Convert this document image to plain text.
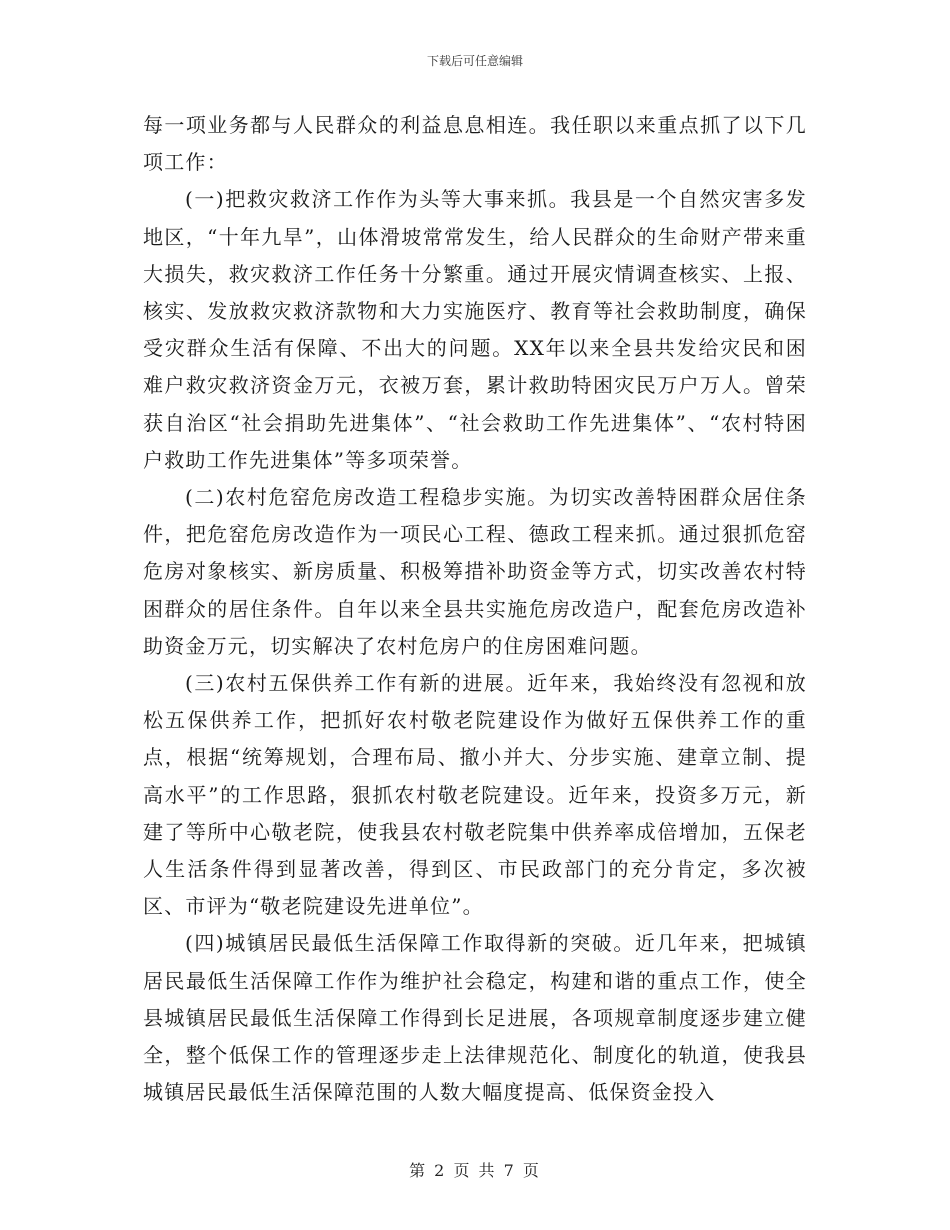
下载后可任意编辑

每一项业务都与人民群众的利益息息相连。我任职以来重点抓了以下几项工作：

(一)把救灾救济工作作为头等大事来抓。我县是一个自然灾害多发地区，“十年九旱”，山体滑坡常常发生，给人民群众的生命财产带来重大损失，救灾救济工作任务十分繁重。通过开展灾情调查核实、上报、核实、发放救灾救济款物和大力实施医疗、教育等社会救助制度，确保受灾群众生活有保障、不出大的问题。XX年以来全县共发给灾民和困难户救灾救济资金万元，衣被万套，累计救助特困灾民万户万人。曾荣获自治区“社会捐助先进集体”、“社会救助工作先进集体”、“农村特困户救助工作先进集体”等多项荣誉。

(二)农村危窑危房改造工程稳步实施。为切实改善特困群众居住条件，把危窑危房改造作为一项民心工程、德政工程来抓。通过狠抓危窑危房对象核实、新房质量、积极筹措补助资金等方式，切实改善农村特困群众的居住条件。自年以来全县共实施危房改造户，配套危房改造补助资金万元，切实解决了农村危房户的住房困难问题。

(三)农村五保供养工作有新的进展。近年来，我始终没有忽视和放松五保供养工作，把抓好农村敬老院建设作为做好五保供养工作的重点，根据“统筹规划，合理布局、撤小并大、分步实施、建章立制、提高水平”的工作思路，狠抓农村敬老院建设。近年来，投资多万元，新建了等所中心敬老院，使我县农村敬老院集中供养率成倍增加，五保老人生活条件得到显著改善，得到区、市民政部门的充分肯定，多次被区、市评为“敬老院建设先进单位”。

(四)城镇居民最低生活保障工作取得新的突破。近几年来，把城镇居民最低生活保障工作作为维护社会稳定，构建和谐的重点工作，使全县城镇居民最低生活保障工作得到长足进展，各项规章制度逐步建立健全，整个低保工作的管理逐步走上法律规范化、制度化的轨道，使我县城镇居民最低生活保障范围的人数大幅度提高、低保资金投入

第 2 页 共 7 页
